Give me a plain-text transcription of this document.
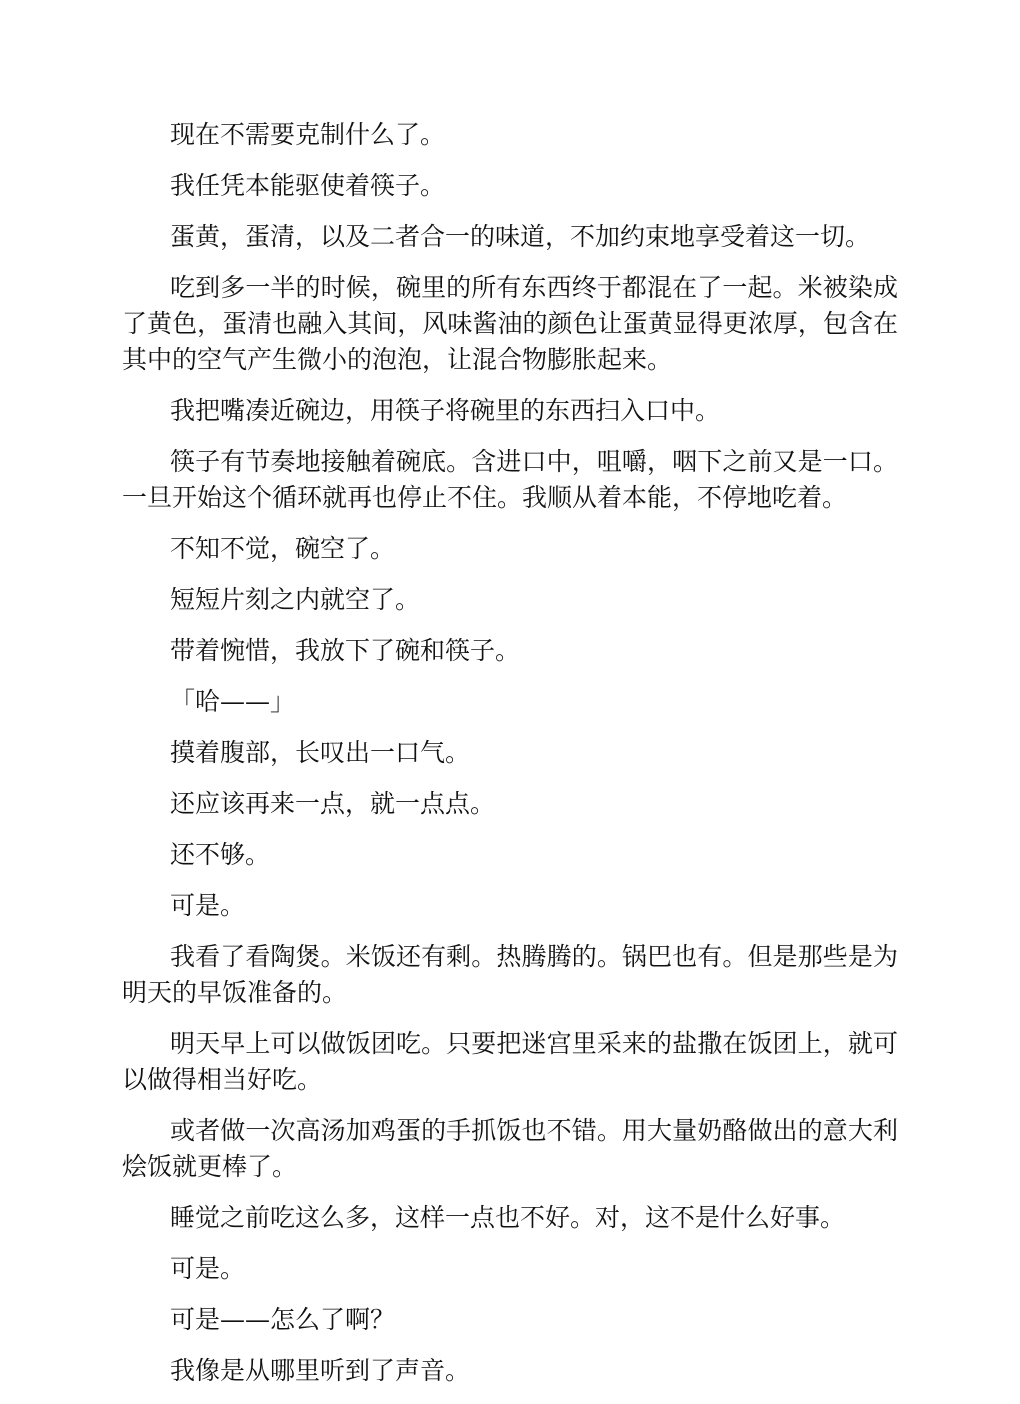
现在不需要克制什么了。

我任凭本能驱使着筷子。

蛋黄，蛋清，以及二者合一的味道，不加约束地享受着这一切。

吃到多一半的时候，碗里的所有东西终于都混在了一起。米被染成了黄色，蛋清也融入其间，风味酱油的颜色让蛋黄显得更浓厚，包含在其中的空气产生微小的泡泡，让混合物膨胀起来。

我把嘴凑近碗边，用筷子将碗里的东西扫入口中。

筷子有节奏地接触着碗底。含进口中，咀嚼，咽下之前又是一口。一旦开始这个循环就再也停止不住。我顺从着本能，不停地吃着。

不知不觉，碗空了。

短短片刻之内就空了。

带着惋惜，我放下了碗和筷子。

「哈——」

摸着腹部，长叹出一口气。

还应该再来一点，就一点点。

还不够。

可是。

我看了看陶煲。米饭还有剩。热腾腾的。锅巴也有。但是那些是为明天的早饭准备的。

明天早上可以做饭团吃。只要把迷宫里采来的盐撒在饭团上，就可以做得相当好吃。

或者做一次高汤加鸡蛋的手抓饭也不错。用大量奶酪做出的意大利烩饭就更棒了。

睡觉之前吃这么多，这样一点也不好。对，这不是什么好事。

可是。

可是——怎么了啊？

我像是从哪里听到了声音。
